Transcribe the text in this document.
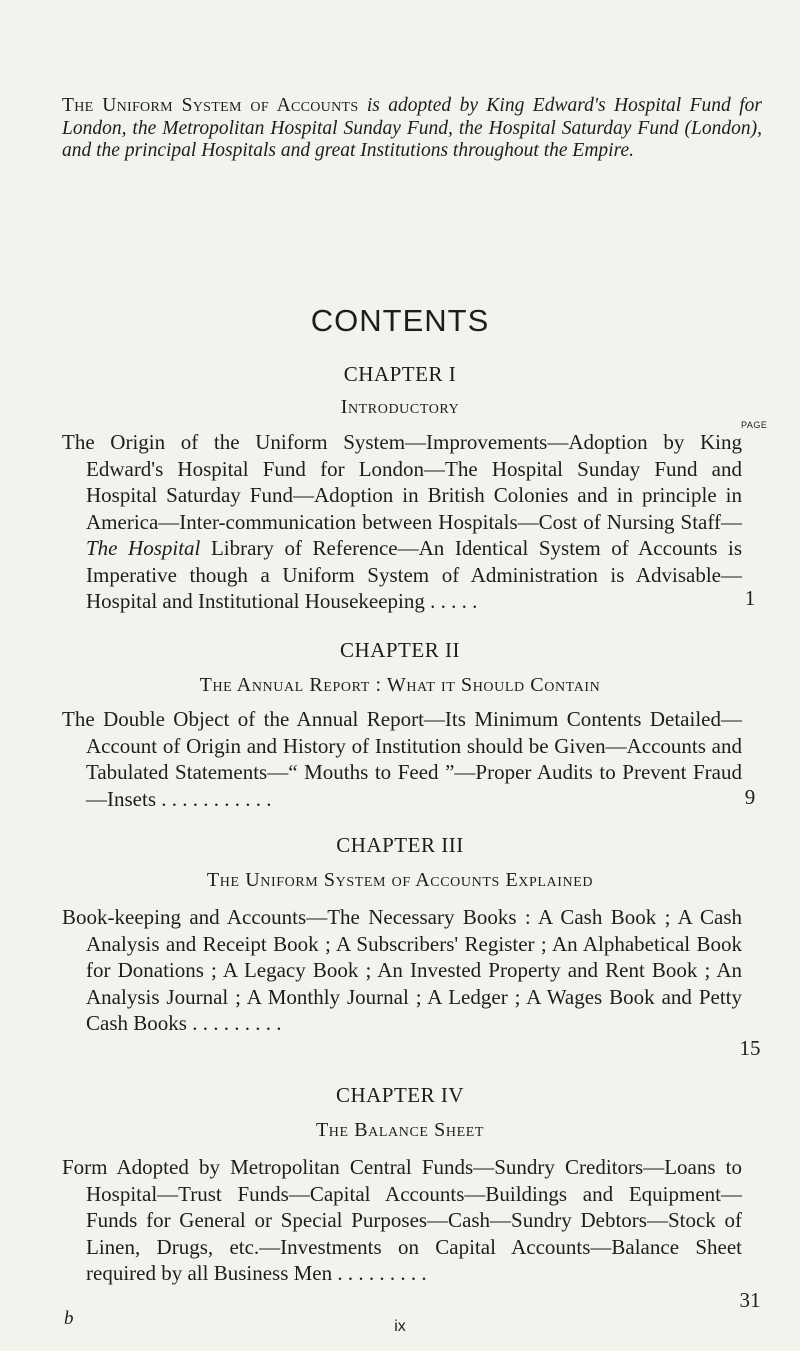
The Uniform System of Accounts is adopted by King Edward's Hospital Fund for London, the Metropolitan Hospital Sunday Fund, the Hospital Saturday Fund (London), and the principal Hospitals and great Institutions throughout the Empire.
CONTENTS
CHAPTER I
Introductory
PAGE
The Origin of the Uniform System—Improvements—Adoption by King Edward's Hospital Fund for London—The Hospital Sunday Fund and Hospital Saturday Fund—Adoption in British Colonies and in principle in America—Inter-communication between Hospitals—Cost of Nursing Staff—The Hospital Library of Reference—An Identical System of Accounts is Imperative though a Uniform System of Administration is Advisable—Hospital and Institutional Housekeeping . . . . .	1
CHAPTER II
The Annual Report : What it Should Contain
The Double Object of the Annual Report—Its Minimum Contents Detailed—Account of Origin and History of Institution should be Given—Accounts and Tabulated Statements—“ Mouths to Feed ”—Proper Audits to Prevent Fraud—Insets . . . . . . . . . . .	9
CHAPTER III
The Uniform System of Accounts Explained
Book-keeping and Accounts—The Necessary Books : A Cash Book ; A Cash Analysis and Receipt Book ; A Subscribers' Register ; An Alphabetical Book for Donations ; A Legacy Book ; An Invested Property and Rent Book ; An Analysis Journal ; A Monthly Journal ; A Ledger ; A Wages Book and Petty Cash Books . . . . . . . . .
15
CHAPTER IV
The Balance Sheet
Form Adopted by Metropolitan Central Funds—Sundry Creditors—Loans to Hospital—Trust Funds—Capital Accounts—Buildings and Equipment—Funds for General or Special Purposes—Cash—Sundry Debtors—Stock of Linen, Drugs, etc.—Investments on Capital Accounts—Balance Sheet required by all Business Men . . . . . . . . .
31
b	ix
